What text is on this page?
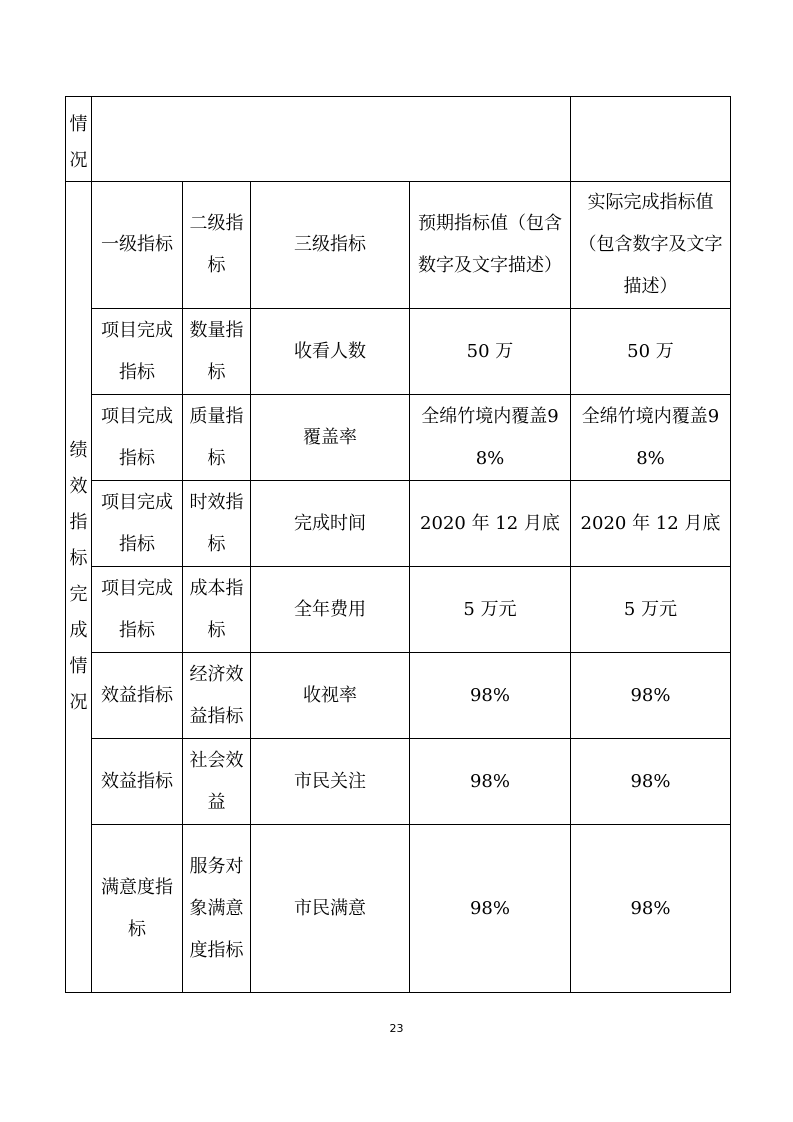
情况					

绩效指标完成情况	一级指标	二级指标	三级指标	预期指标值（包含数字及文字描述）	实际完成指标值（包含数字及文字描述）

	项目完成指标	数量指标	收看人数	50 万	50 万

	项目完成指标	质量指标	覆盖率	全绵竹境内覆盖98%	全绵竹境内覆盖98%

	项目完成指标	时效指标	完成时间	2020 年 12 月底	2020 年 12 月底

	项目完成指标	成本指标	全年费用	5 万元	5 万元

	效益指标	经济效益指标	收视率	98%	98%

	效益指标	社会效益	市民关注	98%	98%

	满意度指标	服务对象满意度指标	市民满意	98%	98%
23
